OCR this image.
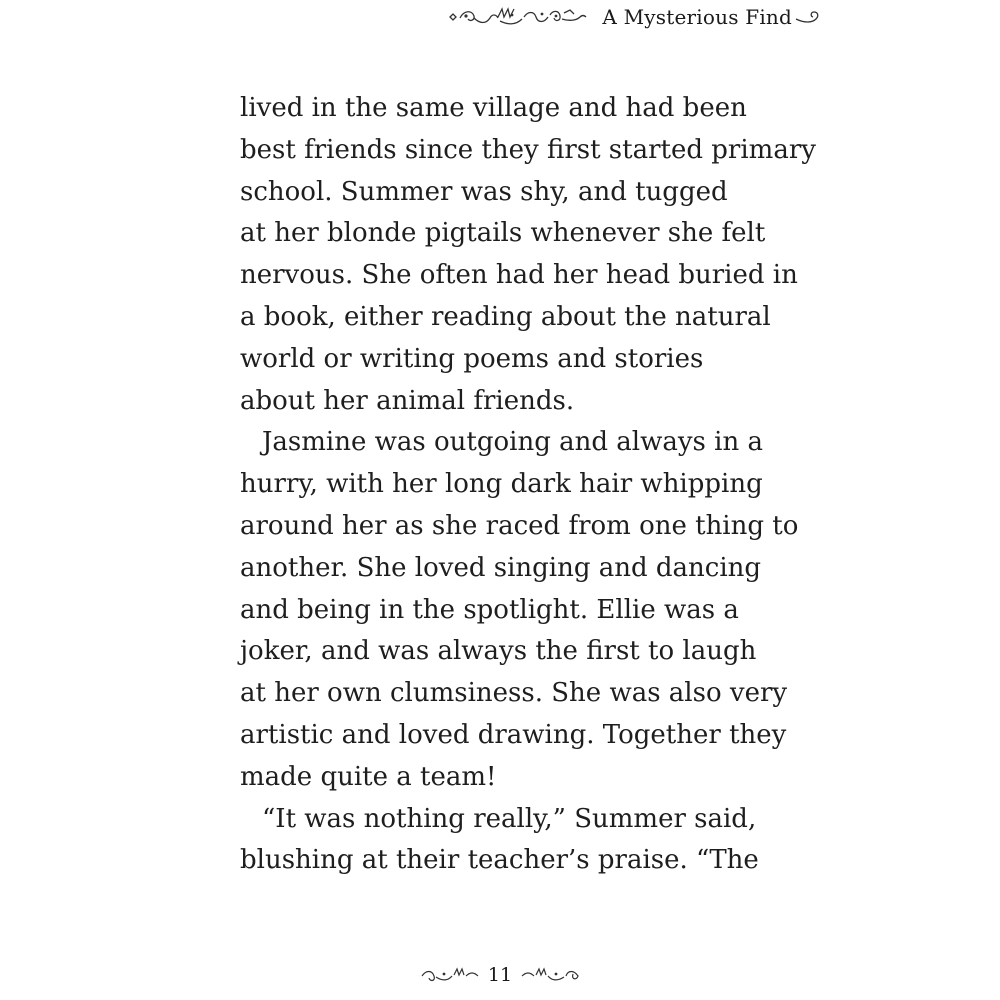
A Mysterious Find
lived in the same village and had been
best friends since they first started primary
school. Summer was shy, and tugged
at her blonde pigtails whenever she felt
nervous. She often had her head buried in
a book, either reading about the natural
world or writing poems and stories
about her animal friends.
Jasmine was outgoing and always in a
hurry, with her long dark hair whipping
around her as she raced from one thing to
another. She loved singing and dancing
and being in the spotlight. Ellie was a
joker, and was always the first to laugh
at her own clumsiness. She was also very
artistic and loved drawing. Together they
made quite a team!
“It was nothing really,” Summer said,
blushing at their teacher’s praise. “The
11
